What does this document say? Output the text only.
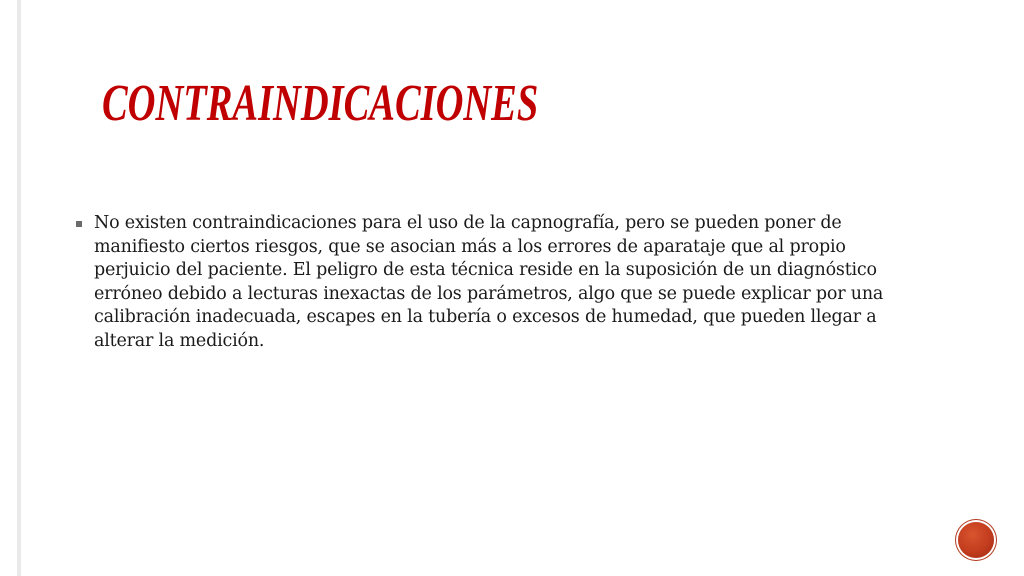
CONTRAINDICACIONES
No existen contraindicaciones para el uso de la capnografía, pero se pueden poner de manifiesto ciertos riesgos, que se asocian más a los errores de aparataje que al propio perjuicio del paciente. El peligro de esta técnica reside en la suposición de un diagnóstico erróneo debido a lecturas inexactas de los parámetros, algo que se puede explicar por una calibración inadecuada, escapes en la tubería o excesos de humedad, que pueden llegar a alterar la medición.
